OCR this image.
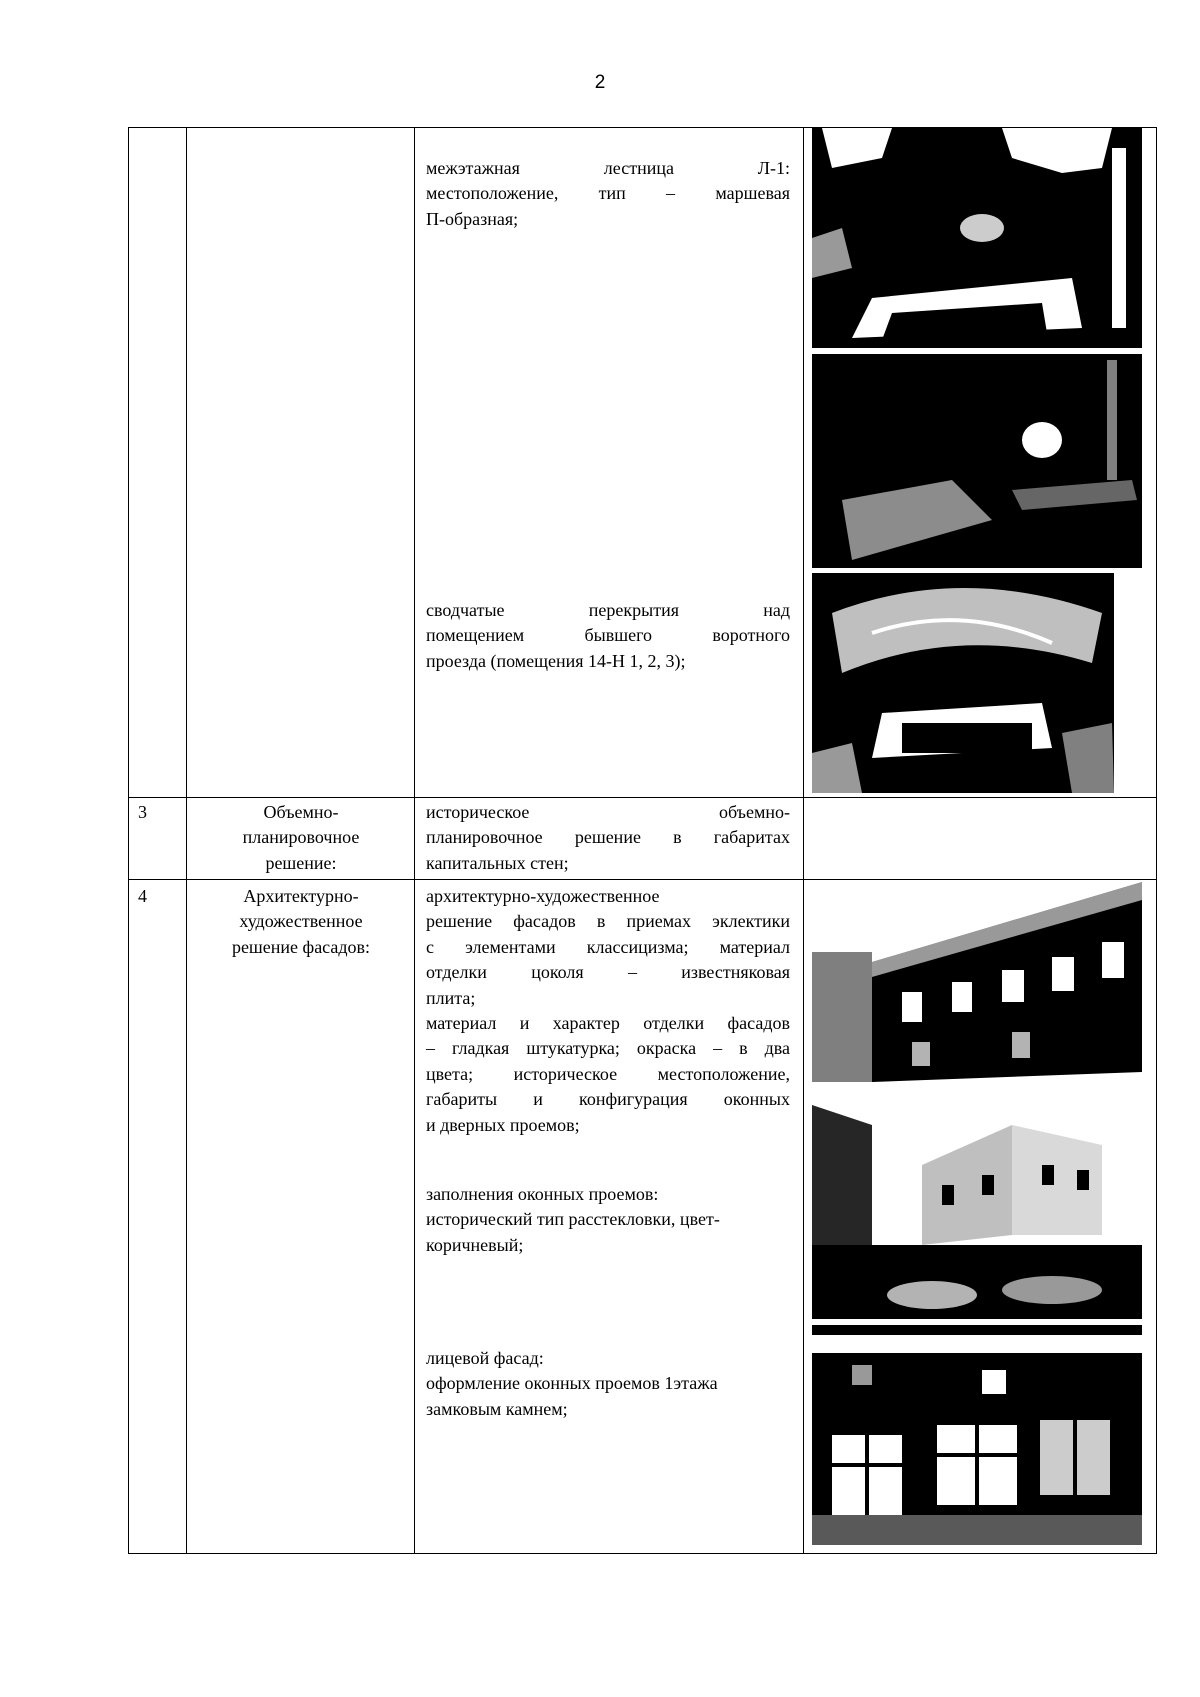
2
межэтажная лестница Л-1:
местоположение, тип – маршевая
П-образная;
сводчатые перекрытия над
помещением бывшего воротного
проезда (помещения 14-Н 1, 2, 3);
3	Объемно-
планировочное
решение:
историческое объемно-
планировочное решение в габаритах
капитальных стен;
4	Архитектурно-
художественное
решение фасадов:
архитектурно-художественное
решение фасадов в приемах эклектики
с элементами классицизма; материал
отделки цоколя – известняковая
плита;
материал и характер отделки фасадов
– гладкая штукатурка; окраска – в два
цвета; историческое местоположение,
габариты и конфигурация оконных
и дверных проемов;
заполнения оконных проемов:
исторический тип расстекловки, цвет-
коричневый;
лицевой фасад:
оформление оконных проемов 1этажа
замковым камнем;
